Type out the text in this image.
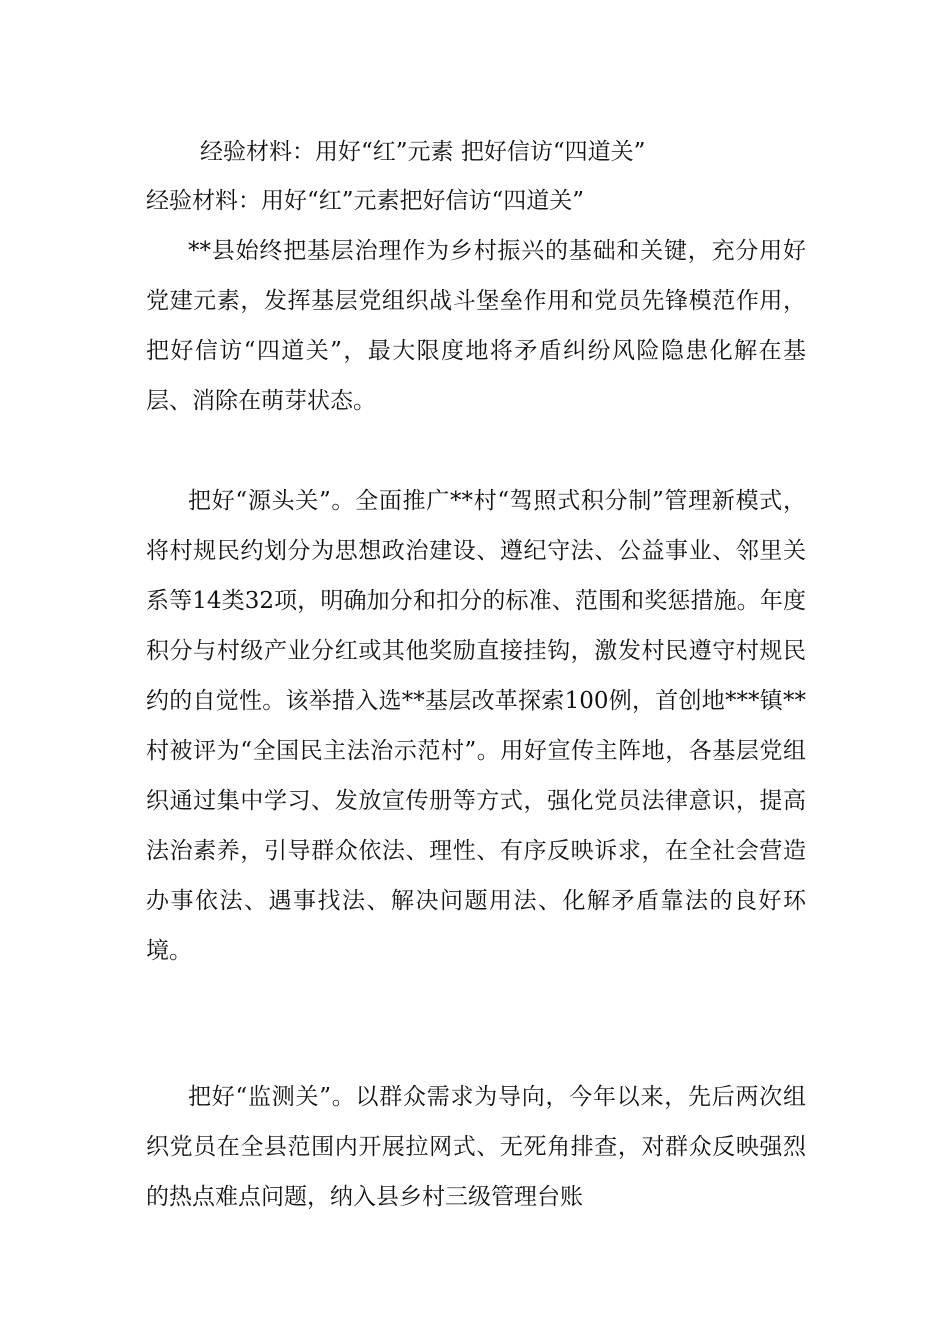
经验材料：用好“红”元素 把好信访“四道关”
经验材料：用好“红”元素把好信访“四道关”

**县始终把基层治理作为乡村振兴的基础和关键，充分用好党建元素，发挥基层党组织战斗堡垒作用和党员先锋模范作用，把好信访“四道关”，最大限度地将矛盾纠纷风险隐患化解在基层、消除在萌芽状态。

把好“源头关”。全面推广**村“驾照式积分制”管理新模式，将村规民约划分为思想政治建设、遵纪守法、公益事业、邻里关系等14类32项，明确加分和扣分的标准、范围和奖惩措施。年度积分与村级产业分红或其他奖励直接挂钩，激发村民遵守村规民约的自觉性。该举措入选**基层改革探索100例，首创地***镇**村被评为“全国民主法治示范村”。用好宣传主阵地，各基层党组织通过集中学习、发放宣传册等方式，强化党员法律意识，提高法治素养，引导群众依法、理性、有序反映诉求，在全社会营造办事依法、遇事找法、解决问题用法、化解矛盾靠法的良好环境。

把好“监测关”。以群众需求为导向，今年以来，先后两次组织党员在全县范围内开展拉网式、无死角排查，对群众反映强烈的热点难点问题，纳入县乡村三级管理台账
